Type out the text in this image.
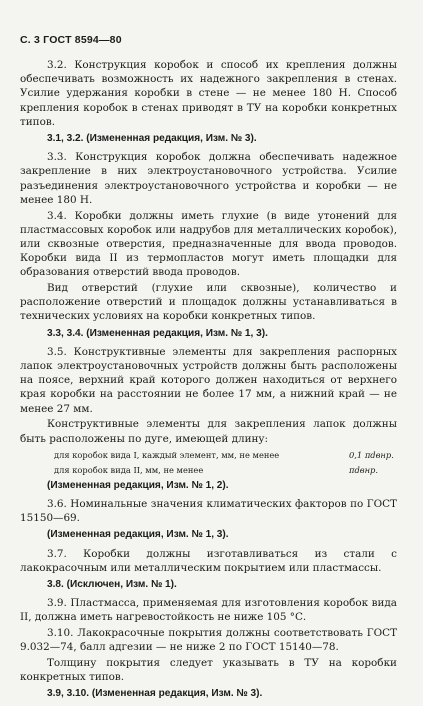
С. 3 ГОСТ 8594—80

3.2. Конструкция коробок и способ их крепления должны обеспечивать возможность их надежного закрепления в стенах. Усилие удержания коробки в стене — не менее 180 Н. Способ крепления коробок в стенах приводят в ТУ на коробки конкретных типов.

3.1, 3.2. (Измененная редакция, Изм. № 3).

3.3. Конструкция коробок должна обеспечивать надежное закрепление в них электроустановочного устройства. Усилие разъединения электроустановочного устройства и коробки — не менее 180 Н.

3.4. Коробки должны иметь глухие (в виде утонений для пластмассовых коробок или надрубов для металлических коробок), или сквозные отверстия, предназначенные для ввода проводов. Коробки вида II из термопластов могут иметь площадки для образования отверстий ввода проводов.

Вид отверстий (глухие или сквозные), количество и расположение отверстий и площадок должны устанавливаться в технических условиях на коробки конкретных типов.

3.3, 3.4. (Измененная редакция, Изм. № 1, 3).

3.5. Конструктивные элементы для закрепления распорных лапок электроустановочных устройств должны быть расположены на поясе, верхний край которого должен находиться от верхнего края коробки на расстоянии не более 17 мм, а нижний край — не менее 27 мм.

Конструктивные элементы для закрепления лапок должны быть расположены по дуге, имеющей длину:

для коробок вида I, каждый элемент, мм, не менее	0,1 πdвнр.
для коробок вида II, мм, не менее	πdвнр.

(Измененная редакция, Изм. № 1, 2).

3.6. Номинальные значения климатических факторов по ГОСТ 15150—69.

(Измененная редакция, Изм. № 1, 3).

3.7. Коробки должны изготавливаться из стали с лакокрасочным или металлическим покрытием или пластмассы.

3.8. (Исключен, Изм. № 1).

3.9. Пластмасса, применяемая для изготовления коробок вида II, должна иметь нагревостойкость не ниже 105 °С.

3.10. Лакокрасочные покрытия должны соответствовать ГОСТ 9.032—74, балл адгезии — не ниже 2 по ГОСТ 15140—78.

Толщину покрытия следует указывать в ТУ на коробки конкретных типов.

3.9, 3.10. (Измененная редакция, Изм. № 3).
